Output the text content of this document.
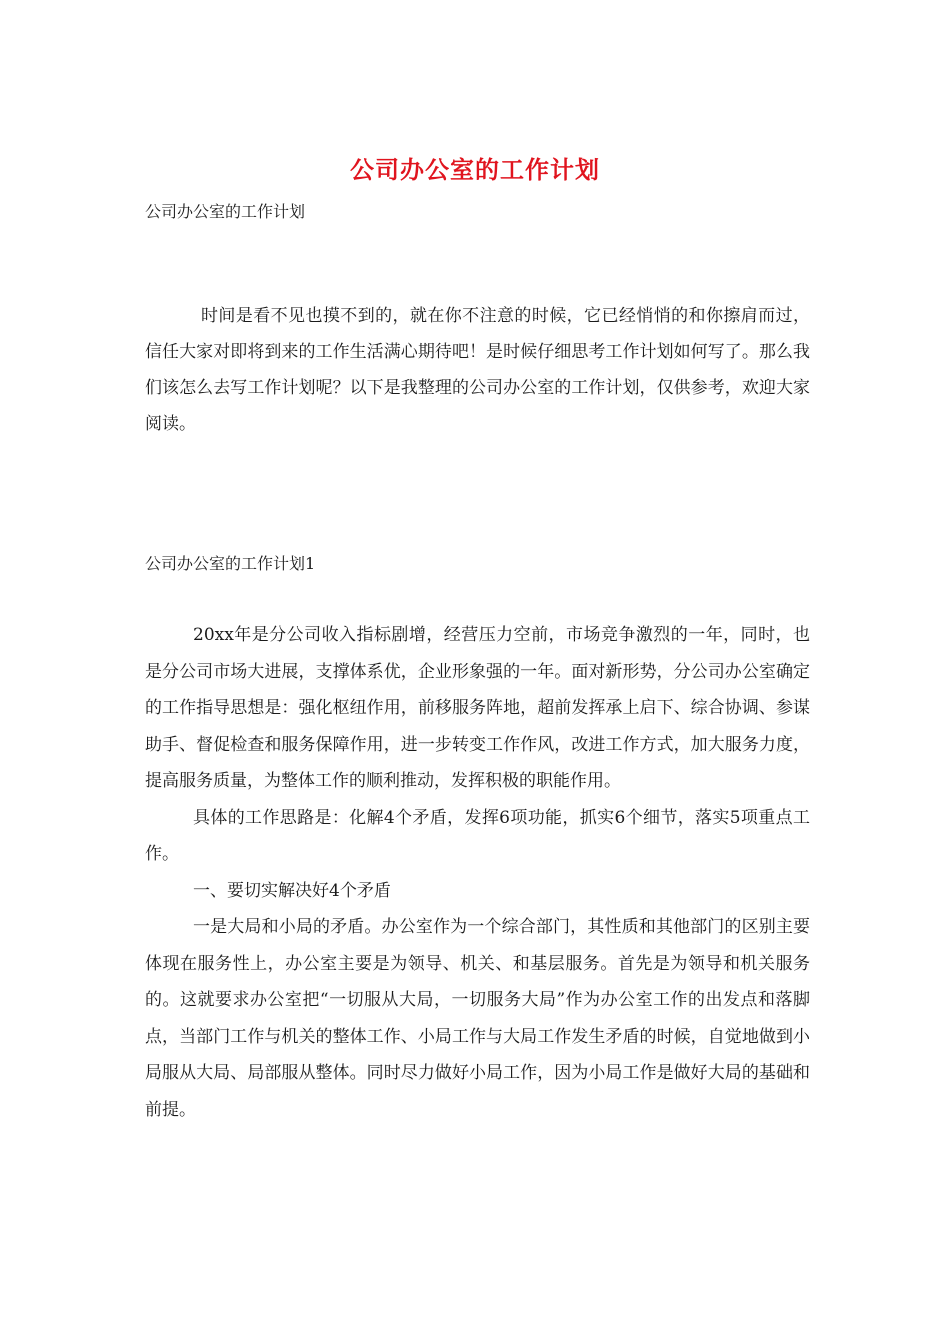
公司办公室的工作计划
公司办公室的工作计划

时间是看不见也摸不到的，就在你不注意的时候，它已经悄悄的和你擦肩而过，信任大家对即将到来的工作生活满心期待吧！是时候仔细思考工作计划如何写了。那么我们该怎么去写工作计划呢？以下是我整理的公司办公室的工作计划，仅供参考，欢迎大家阅读。

公司办公室的工作计划1

20xx年是分公司收入指标剧增，经营压力空前，市场竞争激烈的一年，同时，也是分公司市场大进展，支撑体系优，企业形象强的一年。面对新形势，分公司办公室确定的工作指导思想是：强化枢纽作用，前移服务阵地，超前发挥承上启下、综合协调、参谋助手、督促检查和服务保障作用，进一步转变工作作风，改进工作方式，加大服务力度，提高服务质量，为整体工作的顺利推动，发挥积极的职能作用。

具体的工作思路是：化解4个矛盾，发挥6项功能，抓实6个细节，落实5项重点工作。

一、要切实解决好4个矛盾

一是大局和小局的矛盾。办公室作为一个综合部门，其性质和其他部门的区别主要体现在服务性上，办公室主要是为领导、机关、和基层服务。首先是为领导和机关服务的。这就要求办公室把“一切服从大局，一切服务大局”作为办公室工作的出发点和落脚点，当部门工作与机关的整体工作、小局工作与大局工作发生矛盾的时候，自觉地做到小局服从大局、局部服从整体。同时尽力做好小局工作，因为小局工作是做好大局的基础和前提。
